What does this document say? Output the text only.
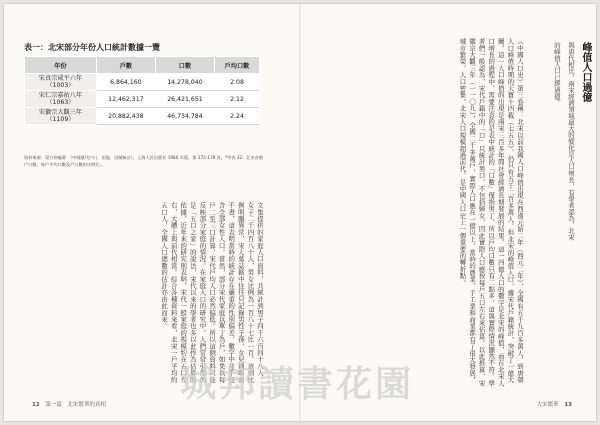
表一：北宋部分年份人口統計數據一覽
年份	戶數	口數	戶均口數
宋真宗咸平六年
（1003）	6,864,160	14,278,040	2.08
宋仁宗嘉祐八年
（1063）	12,462,317	26,421,651	2.12
宋徽宗大觀三年
（1109）	20,882,438	46,734,784	2.24
資料來源：梁方仲編著：《中國歷代戶口、田地、田賦統計》，上海人民出版社 1980 年版，第 172-178 頁。*甲表 32：北宋各朝戶口數，每戶平均口數及戶口數的年增比」。
文集提供的家庭人口資料，共統計到男子四千六百四十八人，女子二千四百八十人，男女比例為一百八十七比一百。這個比例明顯異常，宋人墓誌銘中往往只記錄男性子孫，女兒則略而不書，這表明當時的統計存在嚴重的性別偏差，數字中並不包含全部女性人口。當然，部分宋代家庭以單丁為戶，如果以每戶二至三口計算，宋代戶均人口必然偏低。所以這個資料只能反映部分家庭的情況。在家庭人口的研究中，人們常常引用的是「五口之家」的說法，宋代以來的學者也多以此作為估算的依據，近年來的研究則表明，宋代一般家庭的規模約在五口左右，大體上與前代相當。綜合各種資料來看，北宋一戶平均約五口人，全國人口總數的估計亦由此而來。	《中國人口史》第三卷稱：北宋以前我國人口峰值出現在西漢元始二年（西元二年），全國有五千九百多萬人，到唐朝人口峰值時期的天寶十四載（七五五），仍只有五千二百多萬人。但北宋的峰值人口，據宋代戶籍統計，突破了一億大關。這一人口峰值的出現是兩宋三百多年間社會經濟長期發展的結果。這一四億人口的數字是北宋的峰值，而在北宋人口增長的過程中，需要注意的是表中統計的「口數」僅指男丁，所以戶均口數只有二點多，這與實際情況顯然不符。學者們一般認為，宋代戶籍中的「口」只統計男口，不包括婦女，因此實際人口應按每戶五口左右來估算。以此推算，宋徽宗大觀三年（一一〇九），全國二千多萬戶，實際人口應在一億以上。當時的農業、手工業和商業都有了很大發展，城市繁榮，人口密集，北宋人口規模超過前代，是中國人口史上一個重要的轉折點。	峰值人口過億
與唐代相比，兩宋經濟領域最大的變化是人口增長，有學者認為，北宋的峰值人口已經過億。
12 第一篇　北宋繁華的真相	大宋繁華 13
城邦讀書花園
